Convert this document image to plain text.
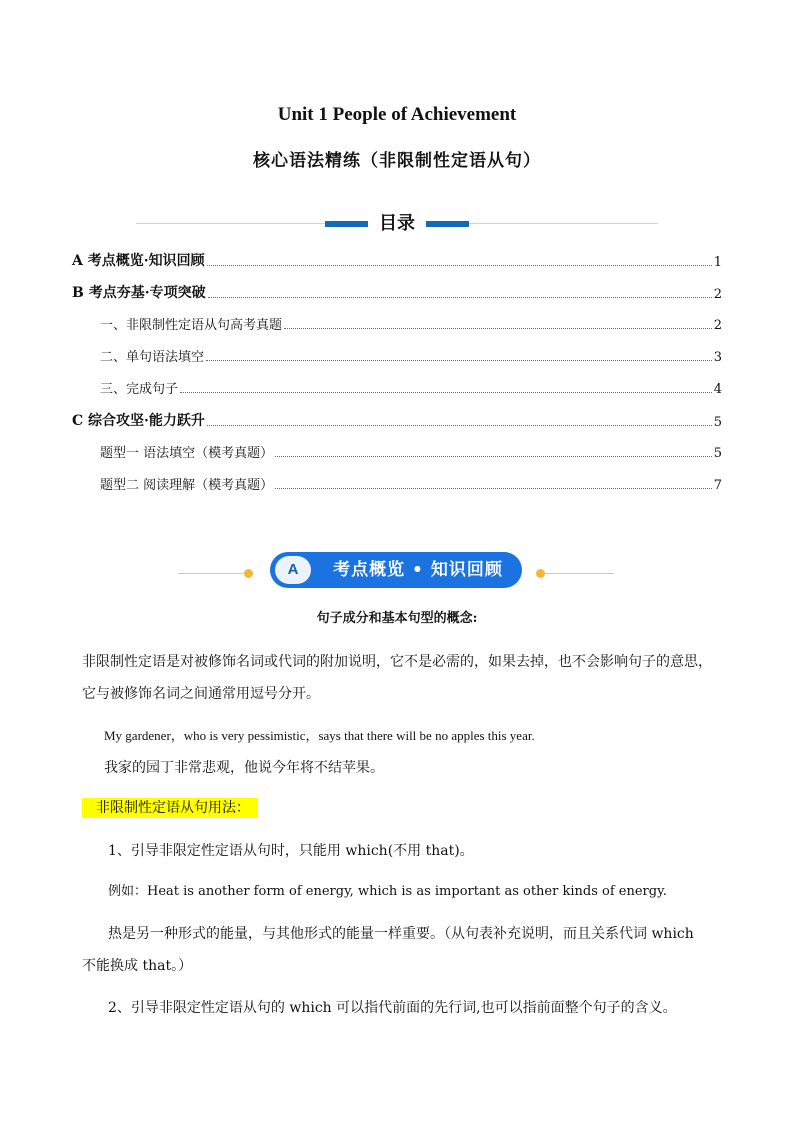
Unit 1 People of Achievement
核心语法精练（非限制性定语从句）
目录
A 考点概览·知识回顾	1
B 考点夯基·专项突破	2
一、非限制性定语从句高考真题	2
二、单句语法填空	3
三、完成句子	4
C 综合攻坚·能力跃升	5
题型一 语法填空（模考真题）	5
题型二 阅读理解（模考真题）	7
A	考点概览 • 知识回顾
句子成分和基本句型的概念:
非限制性定语是对被修饰名词或代词的附加说明，它不是必需的，如果去掉，也不会影响句子的意思，
它与被修饰名词之间通常用逗号分开。
My gardener，who is very pessimistic，says that there will be no apples this year.
我家的园丁非常悲观，他说今年将不结苹果。
非限制性定语从句用法：
1、引导非限定性定语从句时，只能用 which(不用 that)。
例如：Heat is another form of energy, which is as important as other kinds of energy.
热是另一种形式的能量，与其他形式的能量一样重要。（从句表补充说明，而且关系代词 which
不能换成 that。）
2、引导非限定性定语从句的 which 可以指代前面的先行词,也可以指前面整个句子的含义。
